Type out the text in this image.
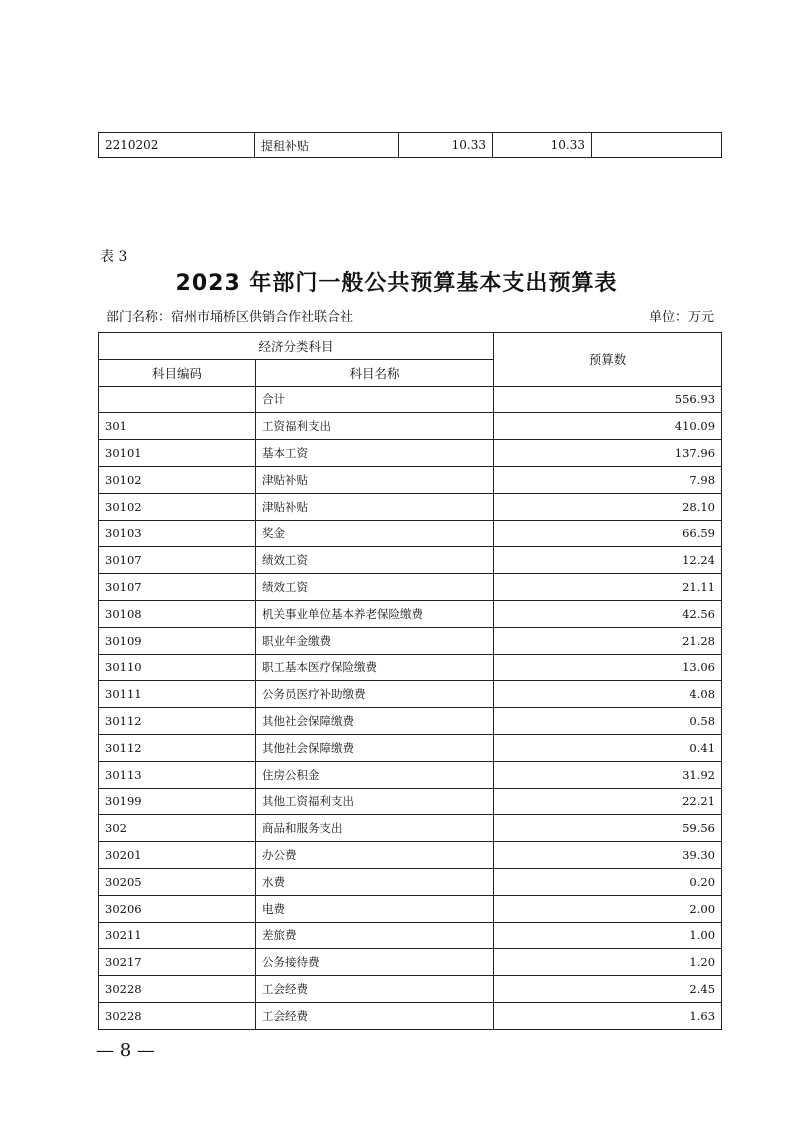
2210202	提租补贴	10.33	10.33	
表 3
2023 年部门一般公共预算基本支出预算表
部门名称：宿州市埇桥区供销合作社联合社	单位：万元
经济分类科目		预算数
科目编码	科目名称	
	合计	556.93
301	工资福利支出	410.09
30101	基本工资	137.96
30102	津贴补贴	7.98
30102	津贴补贴	28.10
30103	奖金	66.59
30107	绩效工资	12.24
30107	绩效工资	21.11
30108	机关事业单位基本养老保险缴费	42.56
30109	职业年金缴费	21.28
30110	职工基本医疗保险缴费	13.06
30111	公务员医疗补助缴费	4.08
30112	其他社会保障缴费	0.58
30112	其他社会保障缴费	0.41
30113	住房公积金	31.92
30199	其他工资福利支出	22.21
302	商品和服务支出	59.56
30201	办公费	39.30
30205	水费	0.20
30206	电费	2.00
30211	差旅费	1.00
30217	公务接待费	1.20
30228	工会经费	2.45
30228	工会经费	1.63
— 8 —
